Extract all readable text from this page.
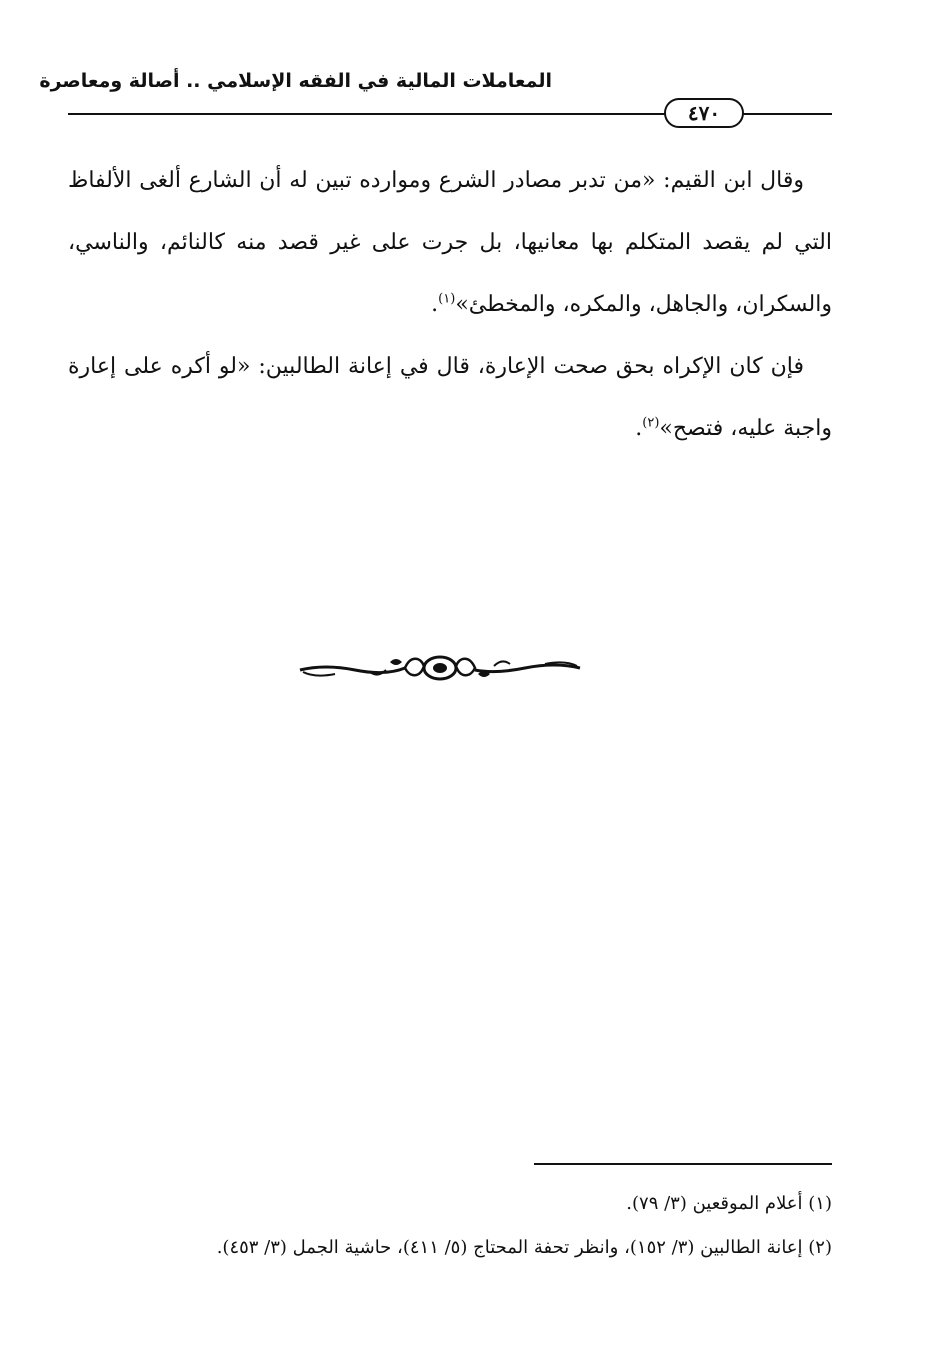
المعاملات المالية في الفقه الإسلامي .. أصالة ومعاصرة
٤٧٠

وقال ابن القيم: «من تدبر مصادر الشرع وموارده تبين له أن الشارع ألغى الألفاظ التي لم يقصد المتكلم بها معانيها، بل جرت على غير قصد منه كالنائم، والناسي، والسكران، والجاهل، والمكره، والمخطئ»$^{(١)}$.

فإن كان الإكراه بحق صحت الإعارة، قال في إعانة الطالبين: «لو أكره على إعارة واجبة عليه، فتصح»$^{(٢)}$.

(١) أعلام الموقعين (٣/ ٧٩).

(٢) إعانة الطالبين (٣/ ١٥٢)، وانظر تحفة المحتاج (٥/ ٤١١)، حاشية الجمل (٣/ ٤٥٣).
